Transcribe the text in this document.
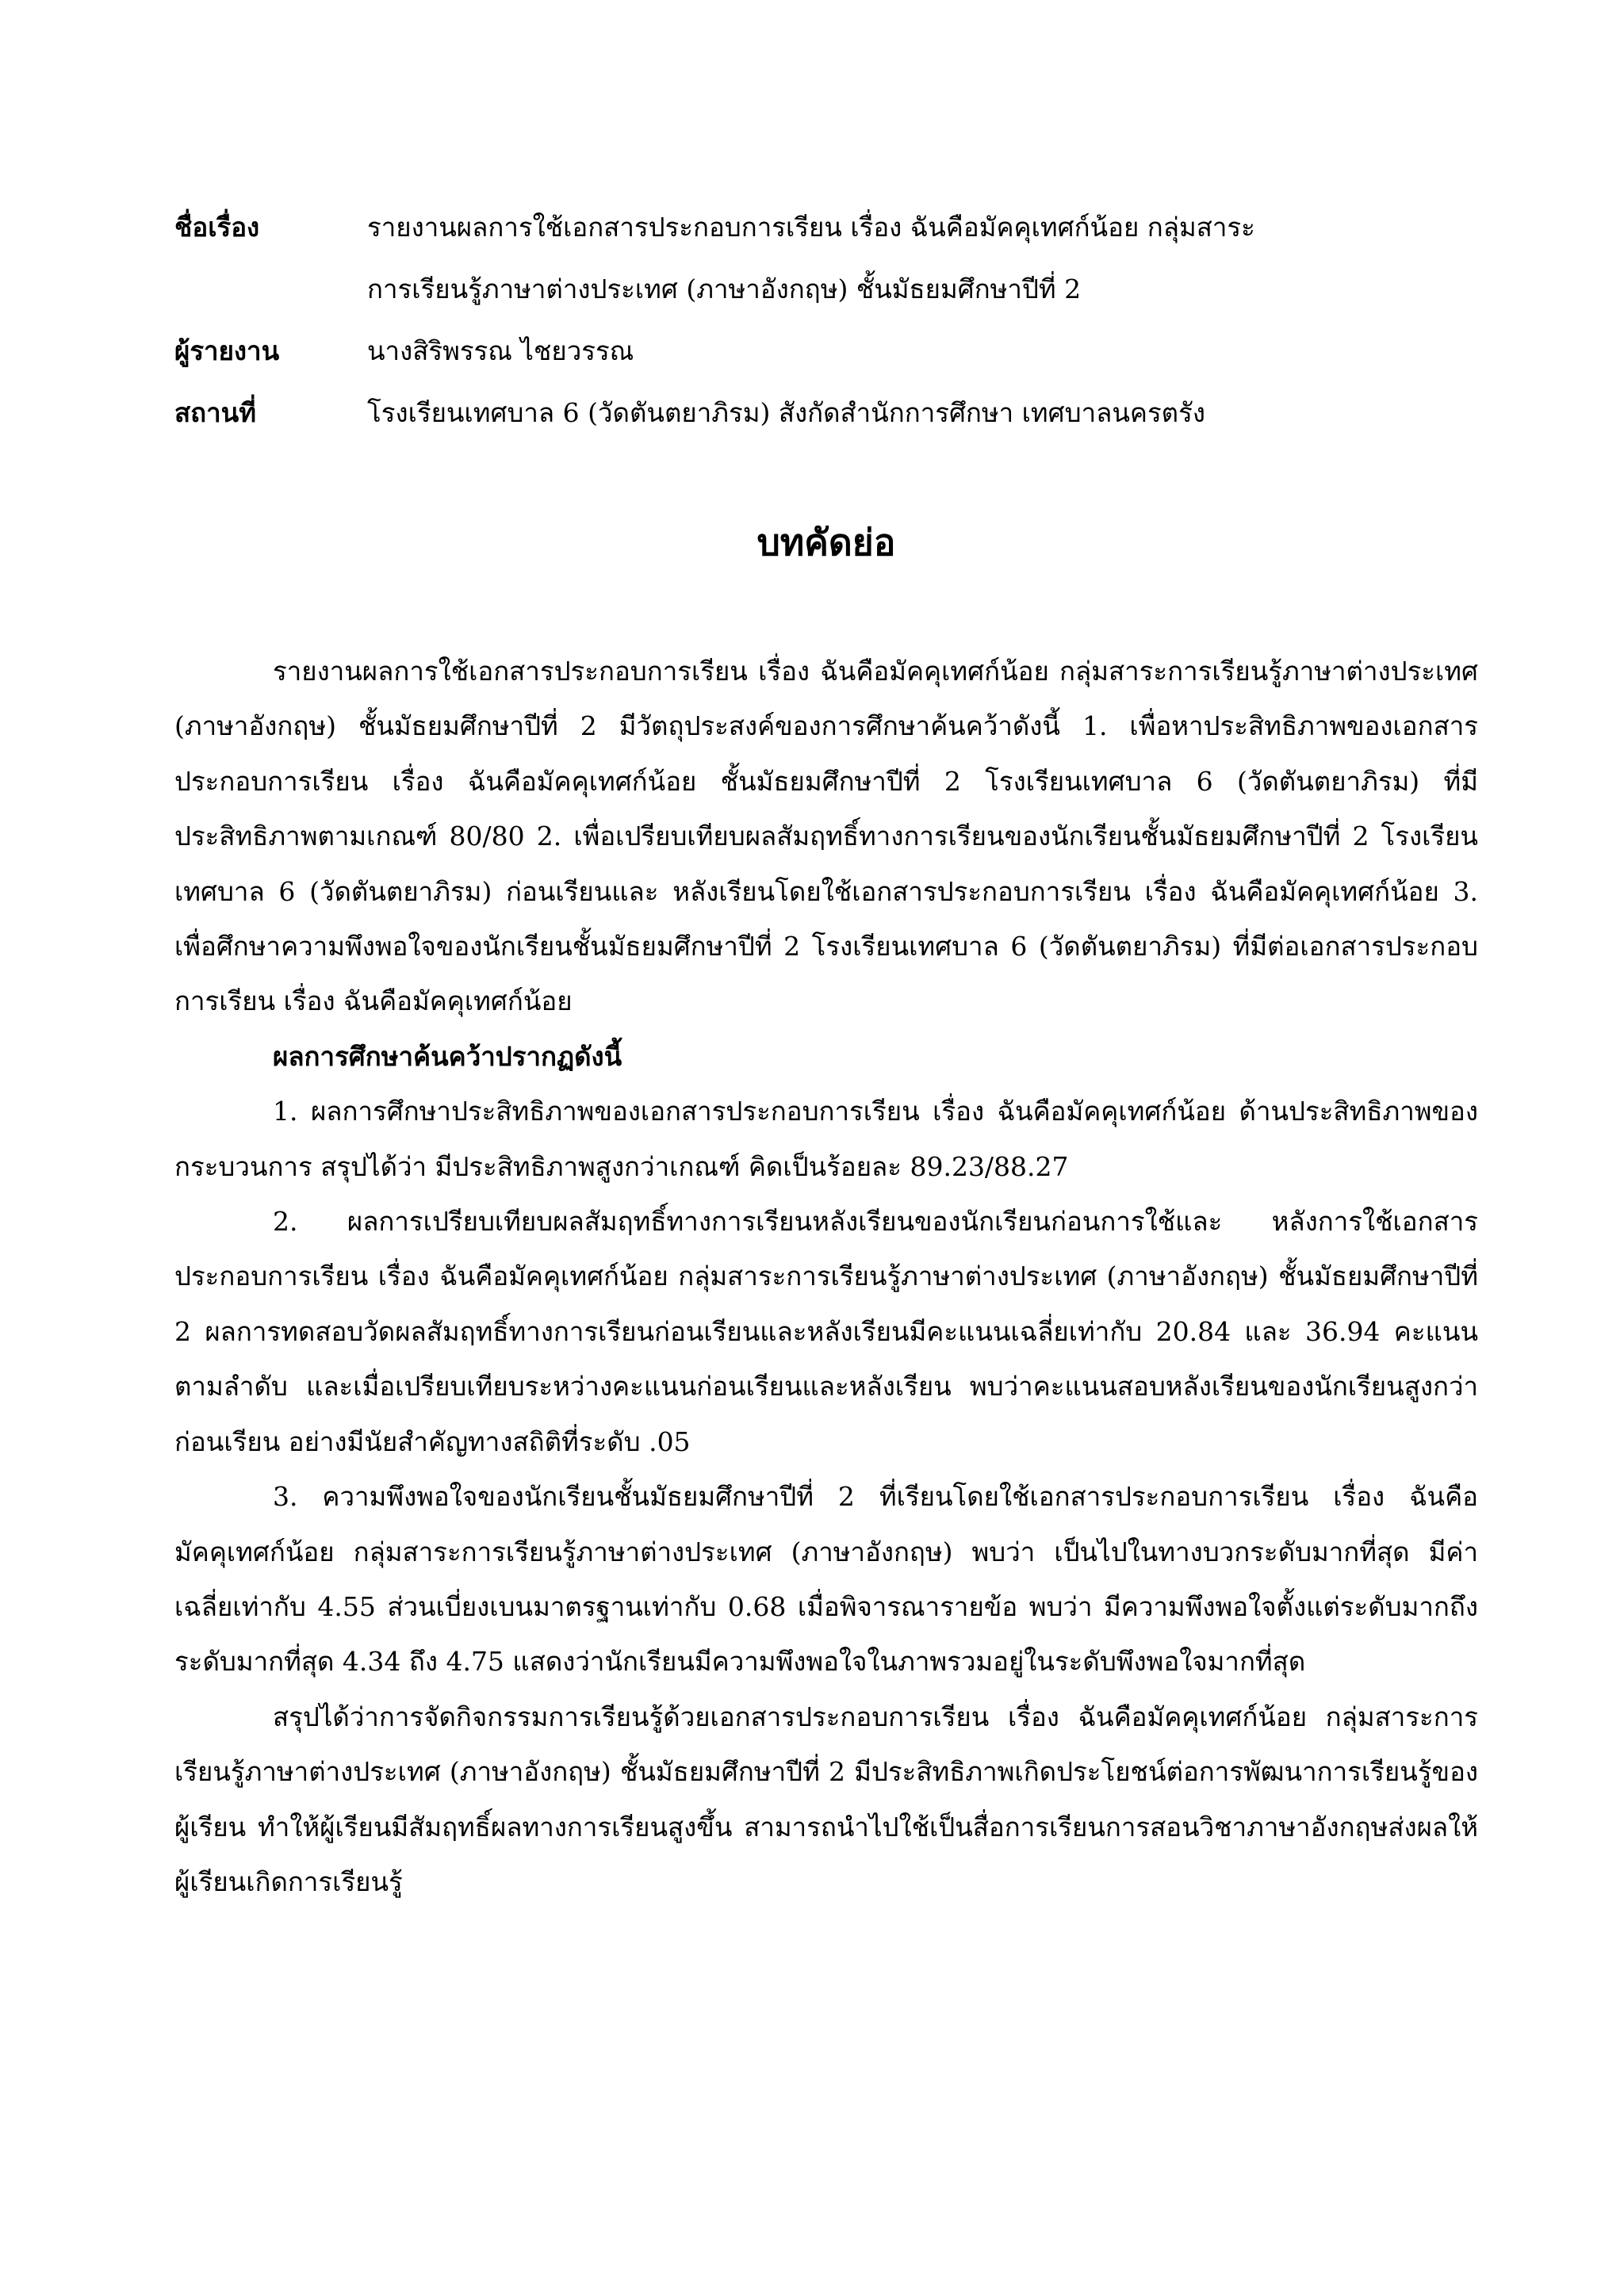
ชื่อเรื่อง	รายงานผลการใช้เอกสารประกอบการเรียน เรื่อง ฉันคือมัคคุเทศก์น้อย กลุ่มสาระ
การเรียนรู้ภาษาต่างประเทศ (ภาษาอังกฤษ) ชั้นมัธยมศึกษาปีที่ 2
ผู้รายงาน	นางสิริพรรณ ไชยวรรณ
สถานที่	โรงเรียนเทศบาล 6 (วัดตันตยาภิรม) สังกัดสำนักการศึกษา เทศบาลนครตรัง
บทคัดย่อ

รายงานผลการใช้เอกสารประกอบการเรียน เรื่อง ฉันคือมัคคุเทศก์น้อย กลุ่มสาระการเรียนรู้ภาษาต่างประเทศ (ภาษาอังกฤษ) ชั้นมัธยมศึกษาปีที่ 2 มีวัตถุประสงค์ของการศึกษาค้นคว้าดังนี้ 1. เพื่อหาประสิทธิภาพของเอกสารประกอบการเรียน เรื่อง ฉันคือมัคคุเทศก์น้อย ชั้นมัธยมศึกษาปีที่ 2 โรงเรียนเทศบาล 6 (วัดตันตยาภิรม) ที่มีประสิทธิภาพตามเกณฑ์ 80/80 2. เพื่อเปรียบเทียบผลสัมฤทธิ์ทางการเรียนของนักเรียนชั้นมัธยมศึกษาปีที่ 2 โรงเรียนเทศบาล 6 (วัดตันตยาภิรม) ก่อนเรียนและ หลังเรียนโดยใช้เอกสารประกอบการเรียน เรื่อง ฉันคือมัคคุเทศก์น้อย 3. เพื่อศึกษาความพึงพอใจของนักเรียนชั้นมัธยมศึกษาปีที่ 2 โรงเรียนเทศบาล 6 (วัดตันตยาภิรม) ที่มีต่อเอกสารประกอบการเรียน เรื่อง ฉันคือมัคคุเทศก์น้อย

ผลการศึกษาค้นคว้าปรากฏดังนี้

1. ผลการศึกษาประสิทธิภาพของเอกสารประกอบการเรียน เรื่อง ฉันคือมัคคุเทศก์น้อย ด้านประสิทธิภาพของกระบวนการ สรุปได้ว่า มีประสิทธิภาพสูงกว่าเกณฑ์ คิดเป็นร้อยละ 89.23/88.27

2. ผลการเปรียบเทียบผลสัมฤทธิ์ทางการเรียนหลังเรียนของนักเรียนก่อนการใช้และ หลังการใช้เอกสารประกอบการเรียน เรื่อง ฉันคือมัคคุเทศก์น้อย กลุ่มสาระการเรียนรู้ภาษาต่างประเทศ (ภาษาอังกฤษ) ชั้นมัธยมศึกษาปีที่ 2 ผลการทดสอบวัดผลสัมฤทธิ์ทางการเรียนก่อนเรียนและหลังเรียนมีคะแนนเฉลี่ยเท่ากับ 20.84 และ 36.94 คะแนน ตามลำดับ และเมื่อเปรียบเทียบระหว่างคะแนนก่อนเรียนและหลังเรียน พบว่าคะแนนสอบหลังเรียนของนักเรียนสูงกว่าก่อนเรียน อย่างมีนัยสำคัญทางสถิติที่ระดับ .05

3. ความพึงพอใจของนักเรียนชั้นมัธยมศึกษาปีที่ 2 ที่เรียนโดยใช้เอกสารประกอบการเรียน เรื่อง ฉันคือมัคคุเทศก์น้อย กลุ่มสาระการเรียนรู้ภาษาต่างประเทศ (ภาษาอังกฤษ) พบว่า เป็นไปในทางบวกระดับมากที่สุด มีค่าเฉลี่ยเท่ากับ 4.55 ส่วนเบี่ยงเบนมาตรฐานเท่ากับ 0.68 เมื่อพิจารณารายข้อ พบว่า มีความพึงพอใจตั้งแต่ระดับมากถึงระดับมากที่สุด 4.34 ถึง 4.75 แสดงว่านักเรียนมีความพึงพอใจในภาพรวมอยู่ในระดับพึงพอใจมากที่สุด

สรุปได้ว่าการจัดกิจกรรมการเรียนรู้ด้วยเอกสารประกอบการเรียน เรื่อง ฉันคือมัคคุเทศก์น้อย กลุ่มสาระการเรียนรู้ภาษาต่างประเทศ (ภาษาอังกฤษ) ชั้นมัธยมศึกษาปีที่ 2 มีประสิทธิภาพเกิดประโยชน์ต่อการพัฒนาการเรียนรู้ของผู้เรียน ทำให้ผู้เรียนมีสัมฤทธิ์ผลทางการเรียนสูงขึ้น สามารถนำไปใช้เป็นสื่อการเรียนการสอนวิชาภาษาอังกฤษส่งผลให้ผู้เรียนเกิดการเรียนรู้
